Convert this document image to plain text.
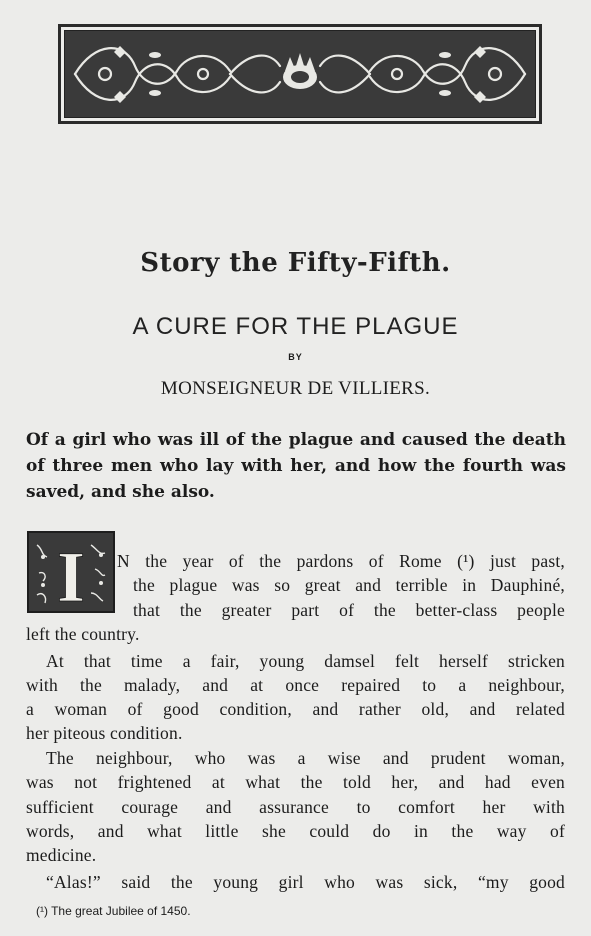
Story the Fifty-Fifth.
A CURE FOR THE PLAGUE
BY
MONSEIGNEUR DE VILLIERS.
Of a girl who was ill of the plague and caused the death
of three men who lay with her, and how the fourth was
saved, and she also.
I N the year of the pardons of Rome (¹) just past,
the plague was so great and terrible in Dauphiné,
that the greater part of the better-class people
left the country.
At that time a fair, young damsel felt herself stricken
with the malady, and at once repaired to a neighbour,
a woman of good condition, and rather old, and related
her piteous condition.
The neighbour, who was a wise and prudent woman,
was not frightened at what the told her, and had even
sufficient courage and assurance to comfort her with
words, and what little she could do in the way of
medicine.
“Alas!” said the young girl who was sick, “my good
(¹) The great Jubilee of 1450.
